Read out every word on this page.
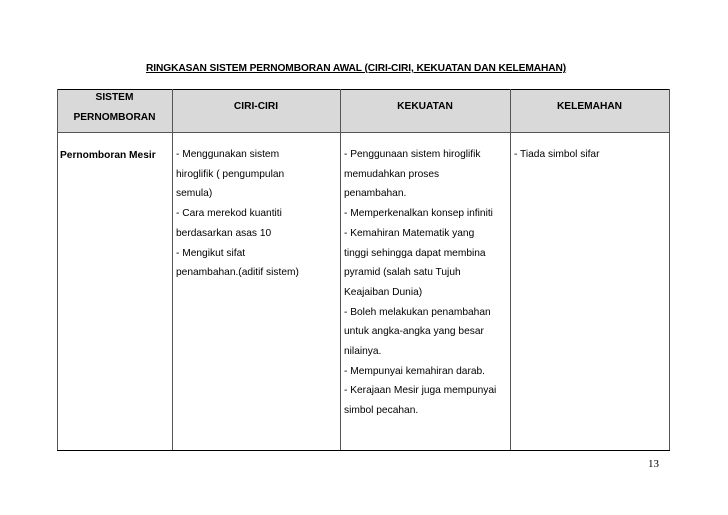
RINGKASAN SISTEM PERNOMBORAN AWAL (CIRI-CIRI, KEKUATAN DAN KELEMAHAN)
SISTEM
PERNOMBORAN
CIRI-CIRI	KEKUATAN	KELEMAHAN
Pernomboran Mesir - Menggunakan sistem
hiroglifik ( pengumpulan
semula)
- Cara merekod kuantiti
berdasarkan asas 10
- Mengikut sifat
penambahan.(aditif sistem)
- Penggunaan sistem hiroglifik
memudahkan proses
penambahan.
- Memperkenalkan konsep infiniti
- Kemahiran Matematik yang
tinggi sehingga dapat membina
pyramid (salah satu Tujuh
Keajaiban Dunia)
- Boleh melakukan penambahan
untuk angka-angka yang besar
nilainya.
- Mempunyai kemahiran darab.
- Kerajaan Mesir juga mempunyai
simbol pecahan.
- Tiada simbol sifar
13
